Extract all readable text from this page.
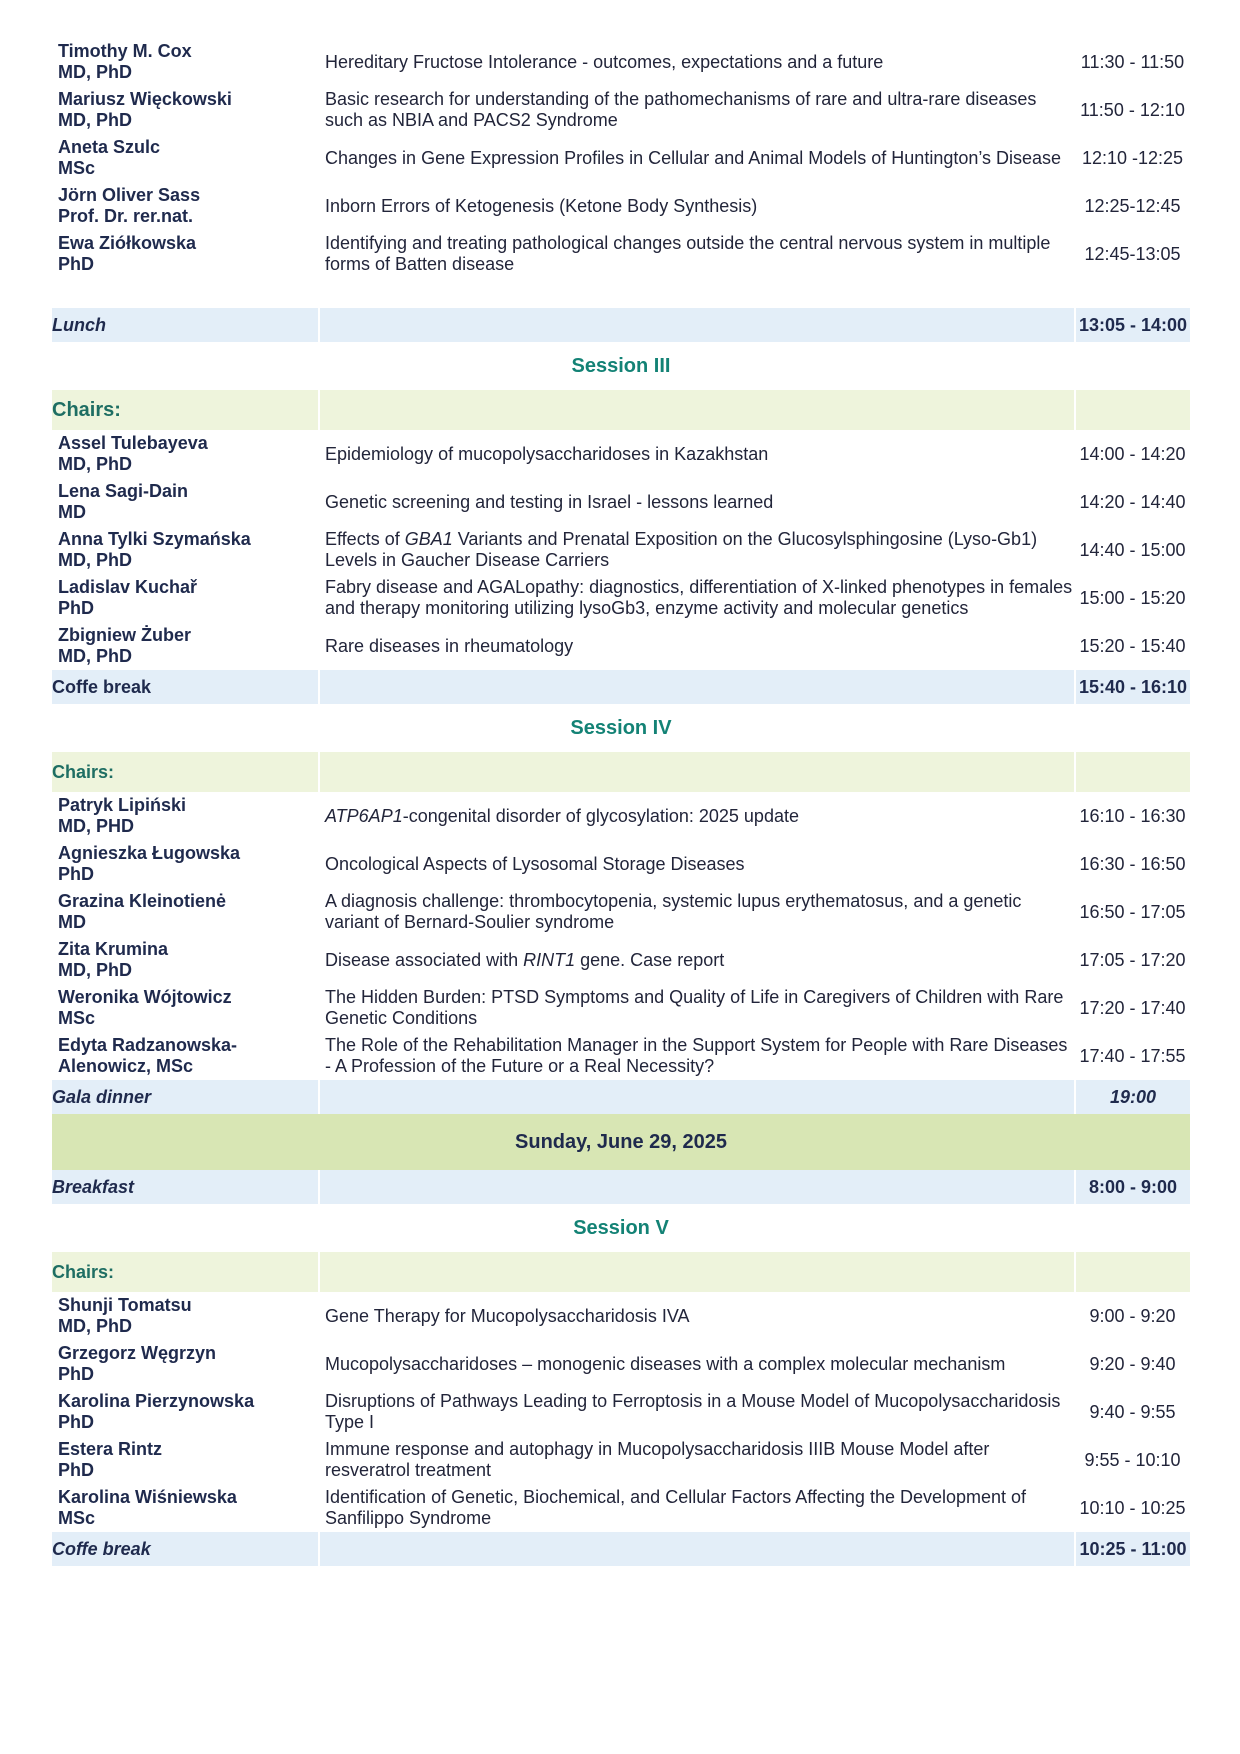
Timothy M. Cox
MD, PhD	Hereditary Fructose Intolerance - outcomes, expectations and a future	11:30 - 11:50

Mariusz Więckowski
MD, PhD	Basic research for understanding of the pathomechanisms of rare and ultra-rare diseases such as NBIA and PACS2 Syndrome	11:50 - 12:10

Aneta Szulc
MSc	Changes in Gene Expression Profiles in Cellular and Animal Models of Huntington’s Disease	12:10 -12:25

Jörn Oliver Sass
Prof. Dr. rer.nat.	Inborn Errors of Ketogenesis (Ketone Body Synthesis)	12:25-12:45

Ewa Ziółkowska
PhD	Identifying and treating pathological changes outside the central nervous system in multiple forms of Batten disease	12:45-13:05

Lunch		13:05 - 14:00
Session III		
Chairs:		

Assel Tulebayeva
MD, PhD	Epidemiology of mucopolysaccharidoses in Kazakhstan	14:00 - 14:20

Lena Sagi-Dain
MD	Genetic screening and testing in Israel - lessons learned	14:20 - 14:40

Anna Tylki Szymańska
MD, PhD	Effects of GBA1 Variants and Prenatal Exposition on the Glucosylsphingosine (Lyso-Gb1) Levels in Gaucher Disease Carriers	14:40 - 15:00

Ladislav Kuchař
PhD	Fabry disease and AGALopathy: diagnostics, differentiation of X-linked phenotypes in females and therapy monitoring utilizing lysoGb3, enzyme activity and molecular genetics	15:00 - 15:20

Zbigniew Żuber
MD, PhD	Rare diseases in rheumatology	15:20 - 15:40
Coffe break		15:40 - 16:10
Session IV		
Chairs:		

Patryk Lipiński
MD, PHD	ATP6AP1-congenital disorder of glycosylation: 2025 update	16:10 - 16:30

Agnieszka Ługowska
PhD	Oncological Aspects of Lysosomal Storage Diseases	16:30 - 16:50

Grazina Kleinotienė
MD	A diagnosis challenge: thrombocytopenia, systemic lupus erythematosus, and a genetic variant of Bernard-Soulier syndrome	16:50 - 17:05

Zita Krumina
MD, PhD	Disease associated with RINT1 gene. Case report	17:05 - 17:20

Weronika Wójtowicz
MSc	The Hidden Burden: PTSD Symptoms and Quality of Life in Caregivers of Children with Rare Genetic Conditions	17:20 - 17:40

Edyta Radzanowska-
Alenowicz, MSc	The Role of the Rehabilitation Manager in the Support System for People with Rare Diseases - A Profession of the Future or a Real Necessity?	17:40 - 17:55
Gala dinner		19:00
Sunday, June 29, 2025		
Breakfast		8:00 - 9:00
Session V		
Chairs:		

Shunji Tomatsu
MD, PhD	Gene Therapy for Mucopolysaccharidosis IVA	9:00 - 9:20

Grzegorz Węgrzyn
PhD	Mucopolysaccharidoses – monogenic diseases with a complex molecular mechanism	9:20 - 9:40

Karolina Pierzynowska
PhD	Disruptions of Pathways Leading to Ferroptosis in a Mouse Model of Mucopolysaccharidosis Type I	9:40 - 9:55

Estera Rintz
PhD	Immune response and autophagy in Mucopolysaccharidosis IIIB Mouse Model after resveratrol treatment	9:55 - 10:10

Karolina Wiśniewska
MSc	Identification of Genetic, Biochemical, and Cellular Factors Affecting the Development of Sanfilippo Syndrome	10:10 - 10:25
Coffe break		10:25 - 11:00
